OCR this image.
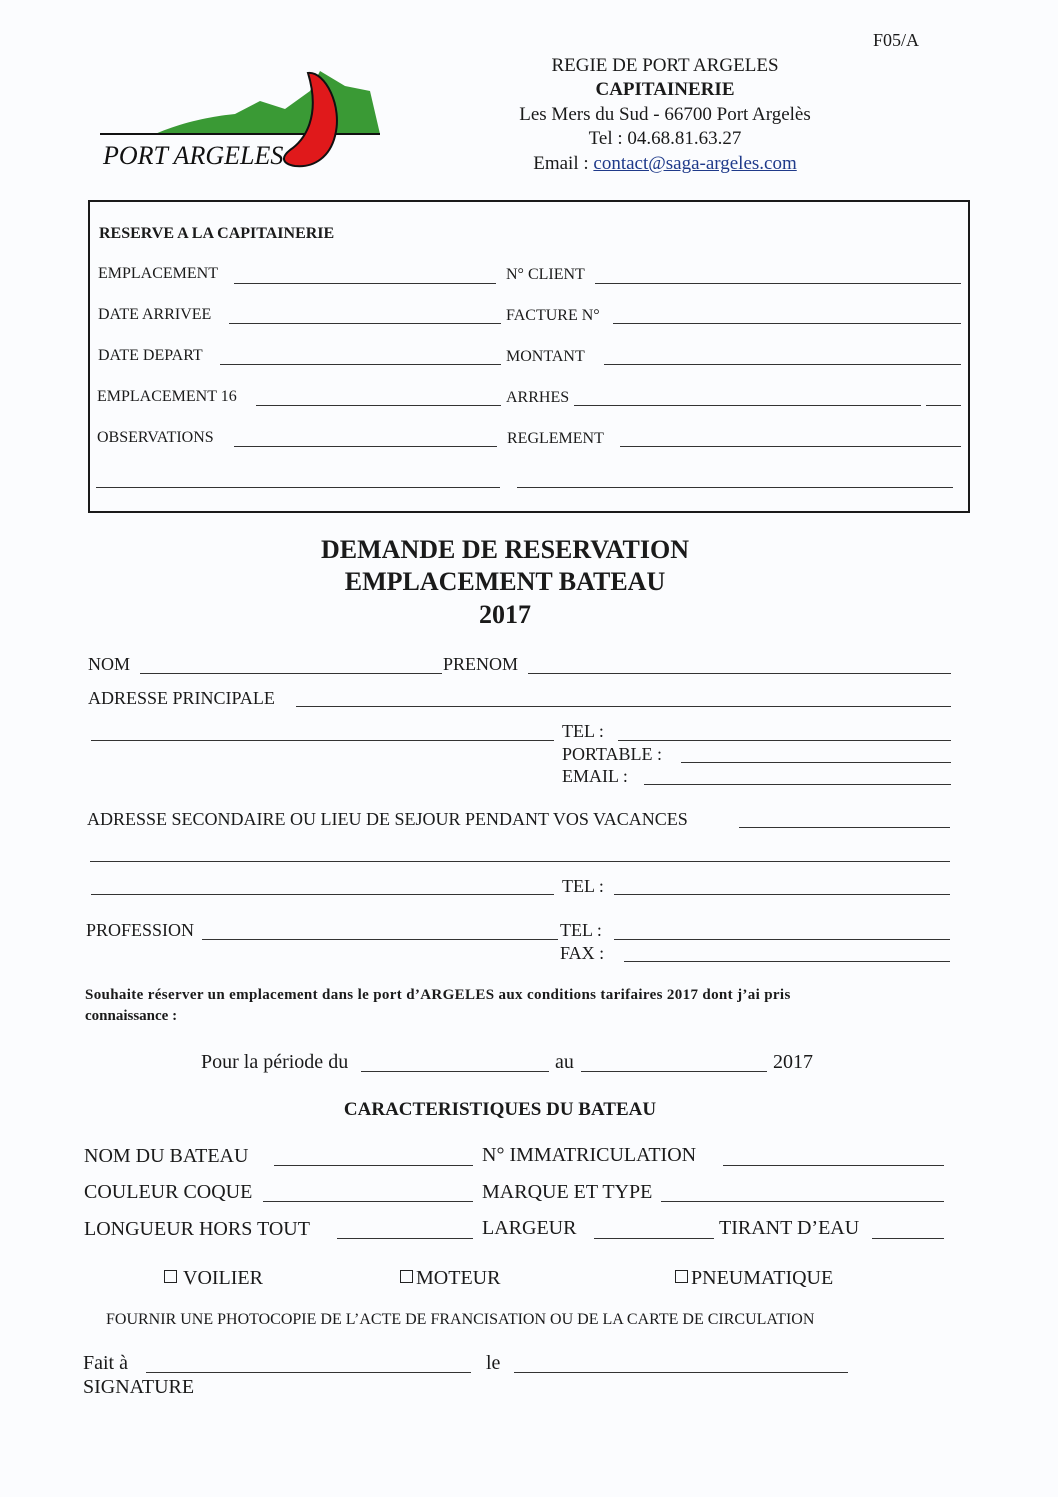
F05/A
PORT ARGELES
REGIE DE PORT ARGELES
CAPITAINERIE
Les Mers du Sud - 66700 Port Argelès
Tel : 04.68.81.63.27
Email : contact@saga-argeles.com
RESERVE A LA CAPITAINERIE
EMPLACEMENT	N° CLIENT
DATE ARRIVEE	FACTURE N°
DATE DEPART	MONTANT
EMPLACEMENT 16	ARRHES
OBSERVATIONS	REGLEMENT
DEMANDE DE RESERVATION
EMPLACEMENT BATEAU
2017
NOM	PRENOM
ADRESSE PRINCIPALE
TEL :
PORTABLE :
EMAIL :
ADRESSE SECONDAIRE OU LIEU DE SEJOUR PENDANT VOS VACANCES
TEL :
PROFESSION	TEL :
FAX :
Souhaite réserver un emplacement dans le port d’ARGELES aux conditions tarifaires 2017 dont j’ai pris
connaissance :
Pour la période du	au	2017
CARACTERISTIQUES DU BATEAU
NOM DU BATEAU	N° IMMATRICULATION
COULEUR COQUE	MARQUE ET TYPE
LONGUEUR HORS TOUT	LARGEUR	TIRANT D’EAU
VOILIER	MOTEUR	PNEUMATIQUE
FOURNIR UNE PHOTOCOPIE DE L’ACTE DE FRANCISATION OU DE LA CARTE DE CIRCULATION
Fait à	le
SIGNATURE
